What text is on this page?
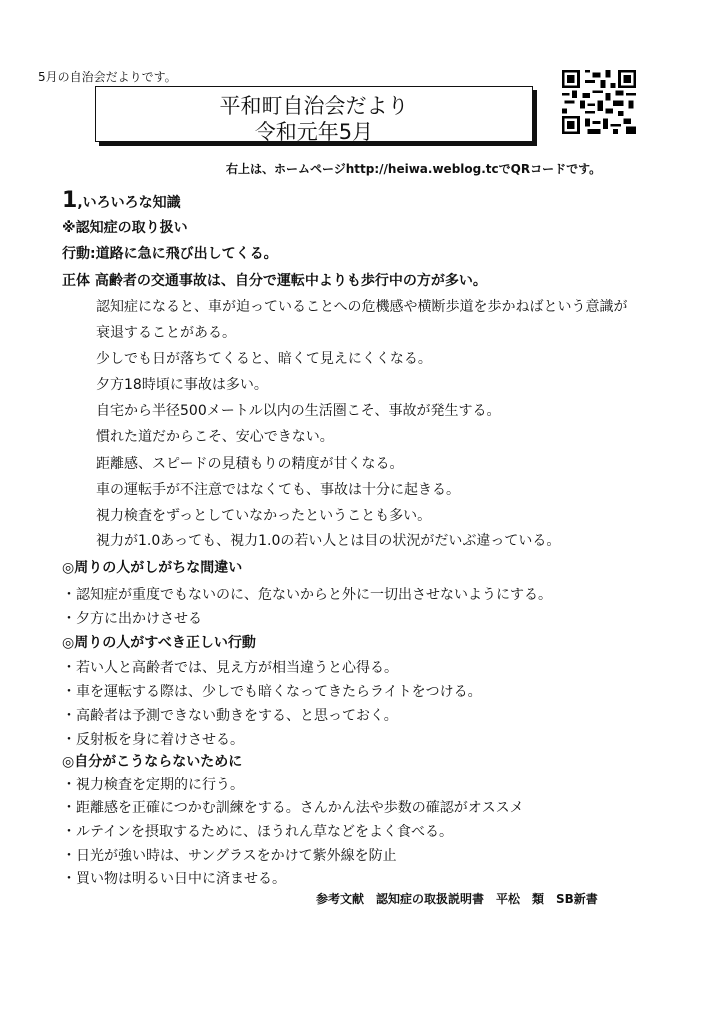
5月の自治会だよりです。
平和町自治会だより
令和元年5月
右上は、ホームページhttp://heiwa.weblog.tcでQRコードです。
1,いろいろな知識
※認知症の取り扱い
行動:道路に急に飛び出してくる。
正体 高齢者の交通事故は、自分で運転中よりも歩行中の方が多い。
認知症になると、車が迫っていることへの危機感や横断歩道を歩かねばという意識が
衰退することがある。
少しでも日が落ちてくると、暗くて見えにくくなる。
夕方18時頃に事故は多い。
自宅から半径500メートル以内の生活圏こそ、事故が発生する。
慣れた道だからこそ、安心できない。
距離感、スピードの見積もりの精度が甘くなる。
車の運転手が不注意ではなくても、事故は十分に起きる。
視力検査をずっとしていなかったということも多い。
視力が1.0あっても、視力1.0の若い人とは目の状況がだいぶ違っている。
◎周りの人がしがちな間違い
・認知症が重度でもないのに、危ないからと外に一切出させないようにする。
・夕方に出かけさせる
◎周りの人がすべき正しい行動
・若い人と高齢者では、見え方が相当違うと心得る。
・車を運転する際は、少しでも暗くなってきたらライトをつける。
・高齢者は予測できない動きをする、と思っておく。
・反射板を身に着けさせる。
◎自分がこうならないために
・視力検査を定期的に行う。
・距離感を正確につかむ訓練をする。さんかん法や歩数の確認がオススメ
・ルテインを摂取するために、ほうれん草などをよく食べる。
・日光が強い時は、サングラスをかけて紫外線を防止
・買い物は明るい日中に済ませる。
参考文献　認知症の取扱説明書　平松　類　SB新書
